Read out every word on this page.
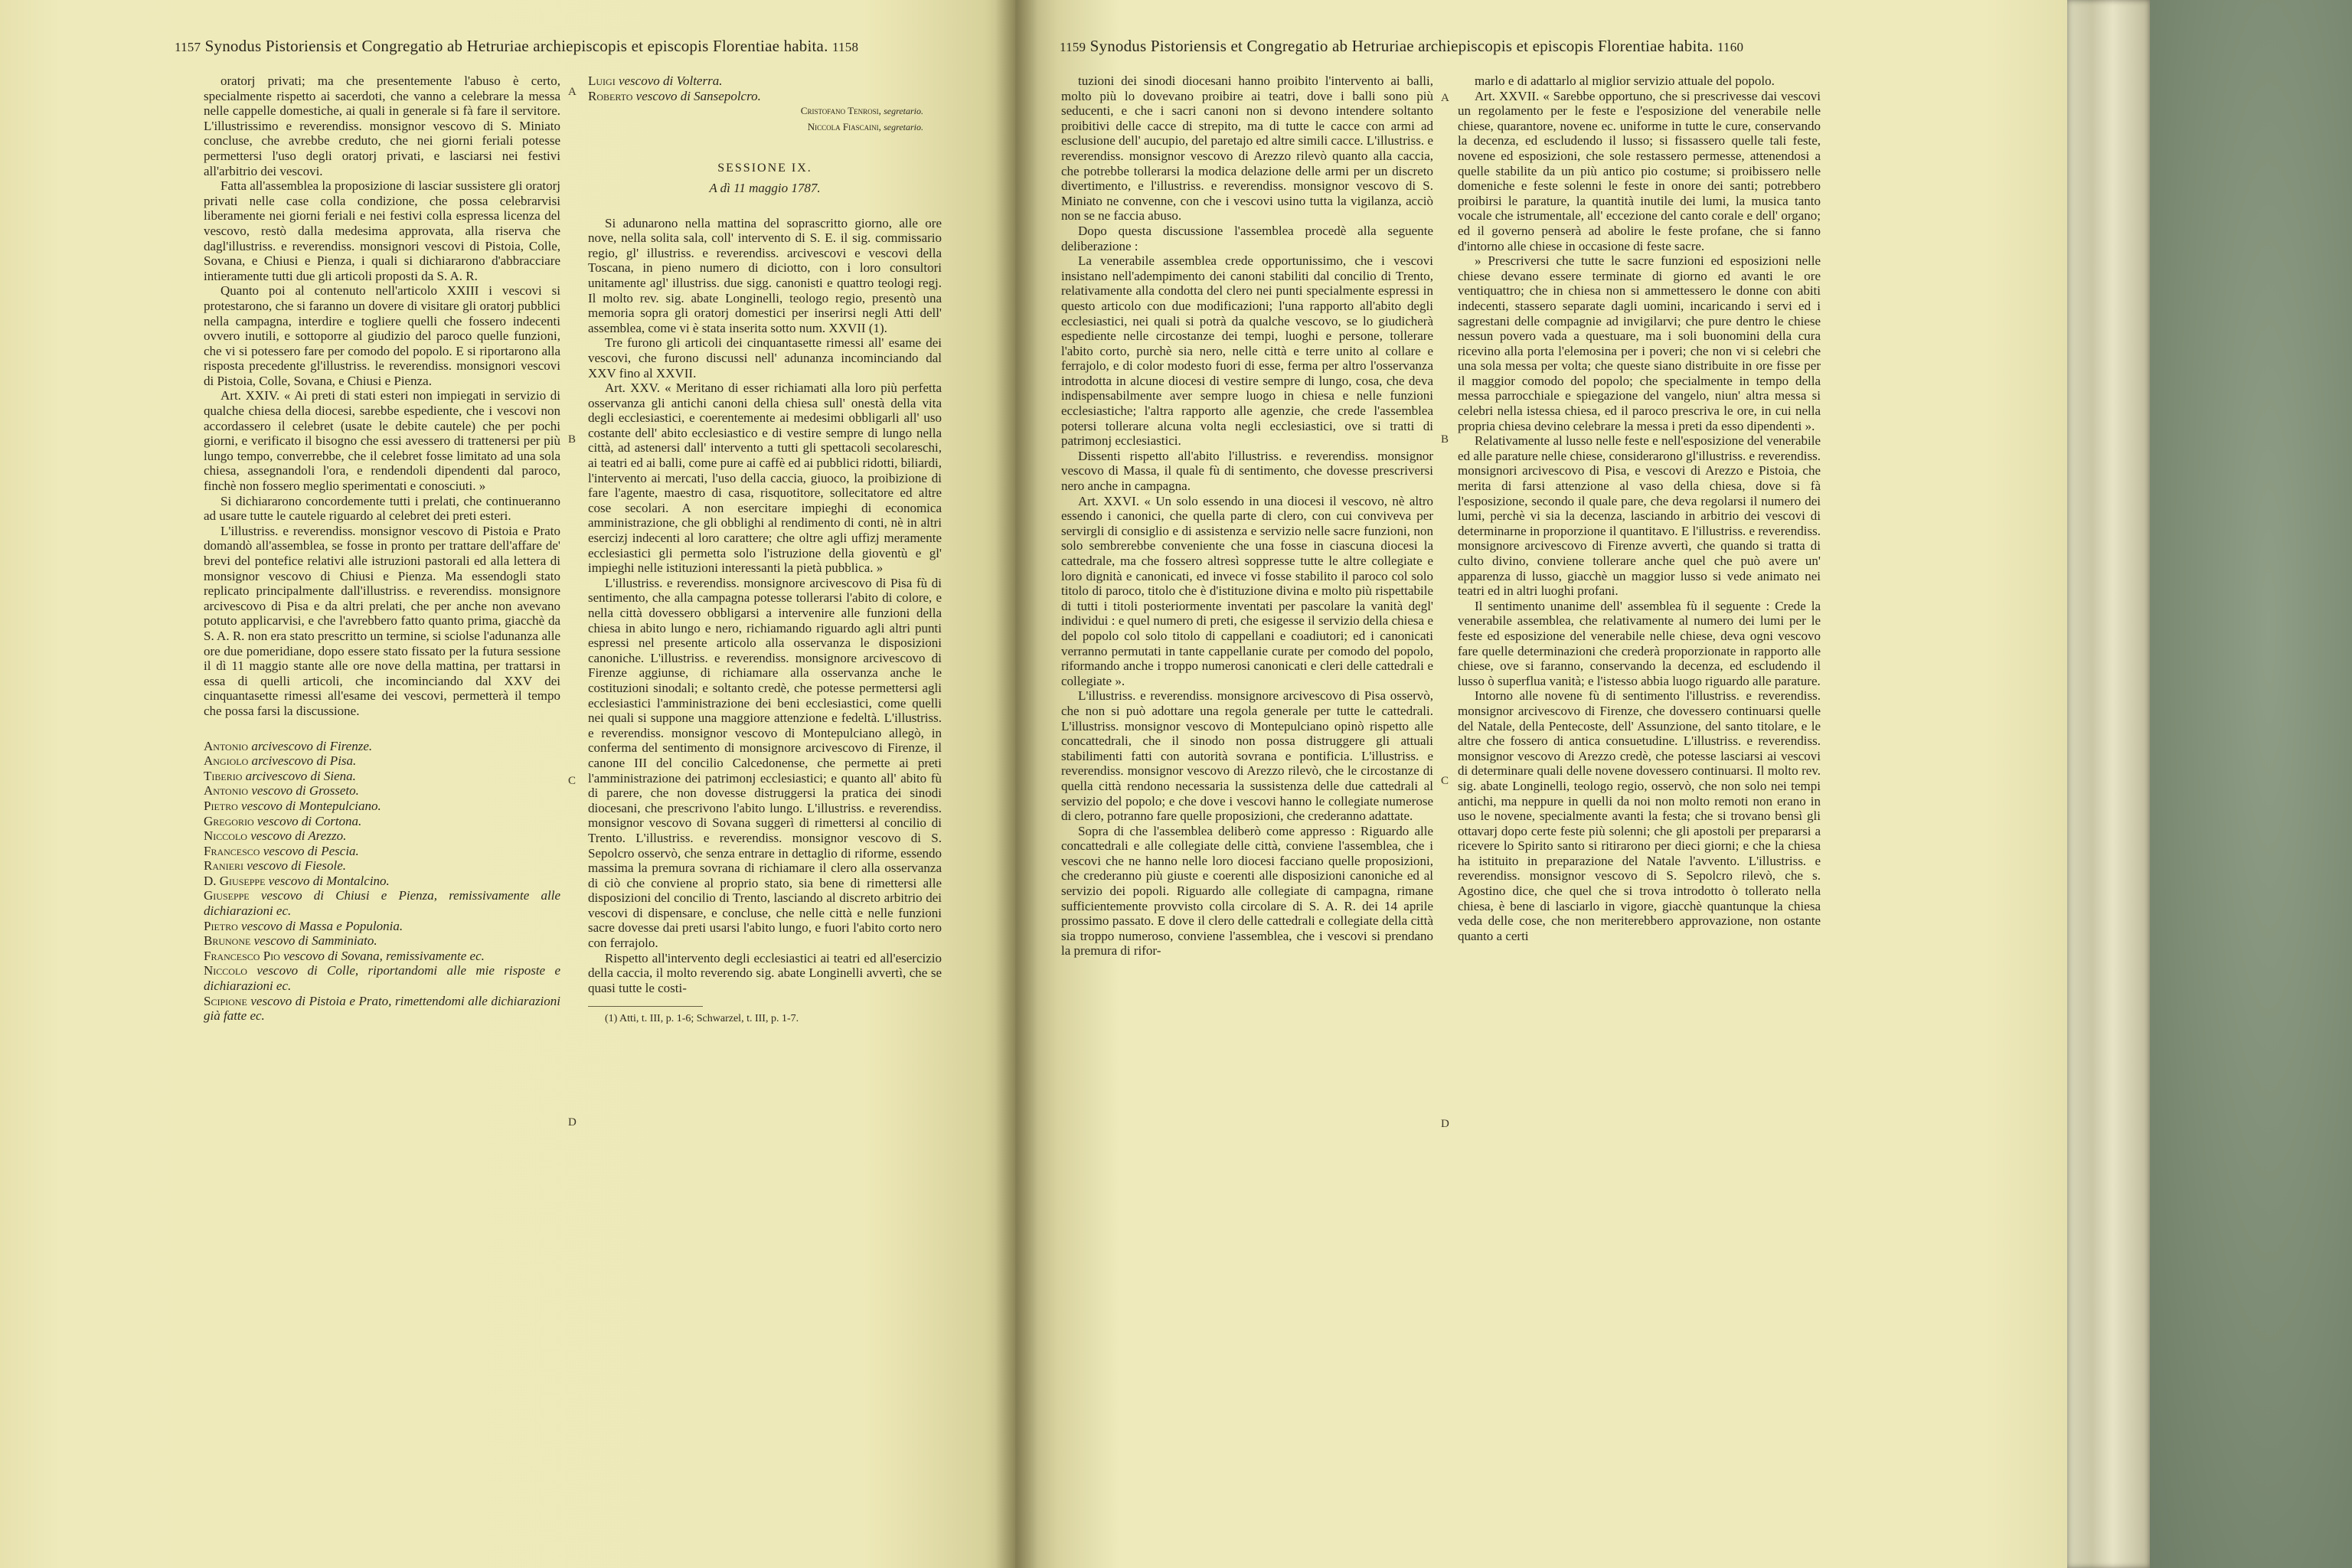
1157 Synodus Pistoriensis et Congregatio ab Hetruriae archiepiscopis et episcopis Florentiae habita. 1158

oratorj privati; ma che presentemente l'abuso è certo, specialmente rispetto ai sacerdoti, che vanno a celebrare la messa nelle cappelle domestiche, ai quali in generale si fà fare il servitore. L'illustrissimo e reverendiss. monsignor vescovo di S. Miniato concluse, che avrebbe creduto, che nei giorni feriali potesse permettersi l'uso degli oratorj privati, e lasciarsi nei festivi all'arbitrio dei vescovi.

Fatta all'assemblea la proposizione di lasciar sussistere gli oratorj privati nelle case colla condizione, che possa celebrarvisi liberamente nei giorni feriali e nei festivi colla espressa licenza del vescovo, restò dalla medesima approvata, alla riserva che dagl'illustriss. e reverendiss. monsignori vescovi di Pistoia, Colle, Sovana, e Chiusi e Pienza, i quali si dichiararono d'abbracciare intieramente tutti due gli articoli proposti da S. A. R.

Quanto poi al contenuto nell'articolo XXIII i vescovi si protestarono, che si faranno un dovere di visitare gli oratorj pubblici nella campagna, interdire e togliere quelli che fossero indecenti ovvero inutili, e sottoporre al giudizio del paroco quelle funzioni, che vi si potessero fare per comodo del popolo. E si riportarono alla risposta precedente gl'illustriss. le reverendiss. monsignori vescovi di Pistoia, Colle, Sovana, e Chiusi e Pienza.

Art. XXIV. « Ai preti di stati esteri non impiegati in servizio di qualche chiesa della diocesi, sarebbe espediente, che i vescovi non accordassero il celebret (usate le debite cautele) che per pochi giorni, e verificato il bisogno che essi avessero di trattenersi per più lungo tempo, converrebbe, che il celebret fosse limitato ad una sola chiesa, assegnandoli l'ora, e rendendoli dipendenti dal paroco, finchè non fossero meglio sperimentati e conosciuti. »

Si dichiararono concordemente tutti i prelati, che continueranno ad usare tutte le cautele riguardo al celebret dei preti esteri.

L'illustriss. e reverendiss. monsignor vescovo di Pistoia e Prato domandò all'assemblea, se fosse in pronto per trattare dell'affare de' brevi del pontefice relativi alle istruzioni pastorali ed alla lettera di monsignor vescovo di Chiusi e Pienza. Ma essendogli stato replicato principalmente dall'illustriss. e reverendiss. monsignore arcivescovo di Pisa e da altri prelati, che per anche non avevano potuto applicarvisi, e che l'avrebbero fatto quanto prima, giacchè da S. A. R. non era stato prescritto un termine, si sciolse l'adunanza alle ore due pomeridiane, dopo essere stato fissato per la futura sessione il dì 11 maggio stante alle ore nove della mattina, per trattarsi in essa di quelli articoli, che incominciando dal XXV dei cinquantasette rimessi all'esame dei vescovi, permetterà il tempo che possa farsi la discussione.

Antonio arcivescovo di Firenze.

Angiolo arcivescovo di Pisa.

Tiberio arcivescovo di Siena.

Antonio vescovo di Grosseto.

Pietro vescovo di Montepulciano.

Gregorio vescovo di Cortona.

Niccolo vescovo di Arezzo.

Francesco vescovo di Pescia.

Ranieri vescovo di Fiesole.

D. Giuseppe vescovo di Montalcino.

Giuseppe vescovo di Chiusi e Pienza, remissivamente alle dichiarazioni ec.

Pietro vescovo di Massa e Populonia.

Brunone vescovo di Samminiato.

Francesco Pio vescovo di Sovana, remissivamente ec.

Niccolo vescovo di Colle, riportandomi alle mie risposte e dichiarazioni ec.

Scipione vescovo di Pistoia e Prato, rimettendomi alle dichiarazioni già fatte ec.

Luigi vescovo di Volterra.

Roberto vescovo di Sansepolcro.

Cristofano Tenrosi, segretario.
Niccola Fiascaini, segretario.
SESSIONE IX.
A dì 11 maggio 1787.

Si adunarono nella mattina del soprascritto giorno, alle ore nove, nella solita sala, coll' intervento di S. E. il sig. commissario regio, gl' illustriss. e reverendiss. arcivescovi e vescovi della Toscana, in pieno numero di diciotto, con i loro consultori unitamente agl' illustriss. due sigg. canonisti e quattro teologi regj. Il molto rev. sig. abate Longinelli, teologo regio, presentò una memoria sopra gli oratorj domestici per inserirsi negli Atti dell' assemblea, come vi è stata inserita sotto num. XXVII (1).

Tre furono gli articoli dei cinquantasette rimessi all' esame dei vescovi, che furono discussi nell' adunanza incominciando dal XXV fino al XXVII.

Art. XXV. « Meritano di esser richiamati alla loro più perfetta osservanza gli antichi canoni della chiesa sull' onestà della vita degli ecclesiastici, e coerentemente ai medesimi obbligarli all' uso costante dell' abito ecclesiastico e di vestire sempre di lungo nella città, ad astenersi dall' intervento a tutti gli spettacoli secolareschi, ai teatri ed ai balli, come pure ai caffè ed ai pubblici ridotti, biliardi, l'intervento ai mercati, l'uso della caccia, giuoco, la proibizione di fare l'agente, maestro di casa, risquotitore, sollecitatore ed altre cose secolari. A non esercitare impieghi di economica amministrazione, che gli obblighi al rendimento di conti, nè in altri esercizj indecenti al loro carattere; che oltre agli uffizj meramente ecclesiastici gli permetta solo l'istruzione della gioventù e gl' impieghi nelle istituzioni interessanti la pietà pubblica. »

L'illustriss. e reverendiss. monsignore arcivescovo di Pisa fù di sentimento, che alla campagna potesse tollerarsi l'abito di colore, e nella città dovessero obbligarsi a intervenire alle funzioni della chiesa in abito lungo e nero, richiamando riguardo agli altri punti espressi nel presente articolo alla osservanza le disposizioni canoniche. L'illustriss. e reverendiss. monsignore arcivescovo di Firenze aggiunse, di richiamare alla osservanza anche le costituzioni sinodali; e soltanto credè, che potesse permettersi agli ecclesiastici l'amministrazione dei beni ecclesiastici, come quelli nei quali si suppone una maggiore attenzione e fedeltà. L'illustriss. e reverendiss. monsignor vescovo di Montepulciano allegò, in conferma del sentimento di monsignore arcivescovo di Firenze, il canone III del concilio Calcedonense, che permette ai preti l'amministrazione dei patrimonj ecclesiastici; e quanto all' abito fù di parere, che non dovesse distruggersi la pratica dei sinodi diocesani, che prescrivono l'abito lungo. L'illustriss. e reverendiss. monsignor vescovo di Sovana suggerì di rimettersi al concilio di Trento. L'illustriss. e reverendiss. monsignor vescovo di S. Sepolcro osservò, che senza entrare in dettaglio di riforme, essendo massima la premura sovrana di richiamare il clero alla osservanza di ciò che conviene al proprio stato, sia bene di rimettersi alle disposizioni del concilio di Trento, lasciando al discreto arbitrio dei vescovi di dispensare, e concluse, che nelle città e nelle funzioni sacre dovesse dai preti usarsi l'abito lungo, e fuori l'abito corto nero con ferrajolo.

Rispetto all'intervento degli ecclesiastici ai teatri ed all'esercizio della caccia, il molto reverendo sig. abate Longinelli avvertì, che se quasi tutte le costi-

(1) Atti, t. III, p. 1-6; Schwarzel, t. III, p. 1-7.

A
B
C
D
1159 Synodus Pistoriensis et Congregatio ab Hetruriae archiepiscopis et episcopis Florentiae habita. 1160

tuzioni dei sinodi diocesani hanno proibito l'intervento ai balli, molto più lo dovevano proibire ai teatri, dove i balli sono più seducenti, e che i sacri canoni non si devono intendere soltanto proibitivi delle cacce di strepito, ma di tutte le cacce con armi ad esclusione dell' aucupio, del paretajo ed altre simili cacce. L'illustriss. e reverendiss. monsignor vescovo di Arezzo rilevò quanto alla caccia, che potrebbe tollerarsi la modica delazione delle armi per un discreto divertimento, e l'illustriss. e reverendiss. monsignor vescovo di S. Miniato ne convenne, con che i vescovi usino tutta la vigilanza, acciò non se ne faccia abuso.

Dopo questa discussione l'assemblea procedè alla seguente deliberazione :

La venerabile assemblea crede opportunissimo, che i vescovi insistano nell'adempimento dei canoni stabiliti dal concilio di Trento, relativamente alla condotta del clero nei punti specialmente espressi in questo articolo con due modificazioni; l'una rapporto all'abito degli ecclesiastici, nei quali si potrà da qualche vescovo, se lo giudicherà espediente nelle circostanze dei tempi, luoghi e persone, tollerare l'abito corto, purchè sia nero, nelle città e terre unito al collare e ferrajolo, e di color modesto fuori di esse, ferma per altro l'osservanza introdotta in alcune diocesi di vestire sempre di lungo, cosa, che deva indispensabilmente aver sempre luogo in chiesa e nelle funzioni ecclesiastiche; l'altra rapporto alle agenzie, che crede l'assemblea potersi tollerare alcuna volta negli ecclesiastici, ove si tratti di patrimonj ecclesiastici.

Dissenti rispetto all'abito l'illustriss. e reverendiss. monsignor vescovo di Massa, il quale fù di sentimento, che dovesse prescriversi nero anche in campagna.

Art. XXVI. « Un solo essendo in una diocesi il vescovo, nè altro essendo i canonici, che quella parte di clero, con cui conviveva per servirgli di consiglio e di assistenza e servizio nelle sacre funzioni, non solo sembrerebbe conveniente che una fosse in ciascuna diocesi la cattedrale, ma che fossero altresì soppresse tutte le altre collegiate e loro dignità e canonicati, ed invece vi fosse stabilito il paroco col solo titolo di paroco, titolo che è d'istituzione divina e molto più rispettabile di tutti i titoli posteriormente inventati per pascolare la vanità degl' individui : e quel numero di preti, che esigesse il servizio della chiesa e del popolo col solo titolo di cappellani e coadiutori; ed i canonicati verranno permutati in tante cappellanie curate per comodo del popolo, riformando anche i troppo numerosi canonicati e cleri delle cattedrali e collegiate ».

L'illustriss. e reverendiss. monsignore arcivescovo di Pisa osservò, che non si può adottare una regola generale per tutte le cattedrali. L'illustriss. monsignor vescovo di Montepulciano opinò rispetto alle concattedrali, che il sinodo non possa distruggere gli attuali stabilimenti fatti con autorità sovrana e pontificia. L'illustriss. e reverendiss. monsignor vescovo di Arezzo rilevò, che le circostanze di quella città rendono necessaria la sussistenza delle due cattedrali al servizio del popolo; e che dove i vescovi hanno le collegiate numerose di clero, potranno fare quelle proposizioni, che crederanno adattate.

Sopra di che l'assemblea deliberò come appresso : Riguardo alle concattedrali e alle collegiate delle città, conviene l'assemblea, che i vescovi che ne hanno nelle loro diocesi facciano quelle proposizioni, che crederanno più giuste e coerenti alle disposizioni canoniche ed al servizio dei popoli. Riguardo alle collegiate di campagna, rimane sufficientemente provvisto colla circolare di S. A. R. dei 14 aprile prossimo passato. E dove il clero delle cattedrali e collegiate della città sia troppo numeroso, conviene l'assemblea, che i vescovi si prendano la premura di rifor-

marlo e di adattarlo al miglior servizio attuale del popolo.

Art. XXVII. « Sarebbe opportuno, che si prescrivesse dai vescovi un regolamento per le feste e l'esposizione del venerabile nelle chiese, quarantore, novene ec. uniforme in tutte le cure, conservando la decenza, ed escludendo il lusso; si fissassero quelle tali feste, novene ed esposizioni, che sole restassero permesse, attenendosi a quelle stabilite da un più antico pio costume; si proibissero nelle domeniche e feste solenni le feste in onore dei santi; potrebbero proibirsi le parature, la quantità inutile dei lumi, la musica tanto vocale che istrumentale, all' eccezione del canto corale e dell' organo; ed il governo penserà ad abolire le feste profane, che si fanno d'intorno alle chiese in occasione di feste sacre.

» Prescriversi che tutte le sacre funzioni ed esposizioni nelle chiese devano essere terminate di giorno ed avanti le ore ventiquattro; che in chiesa non si ammettessero le donne con abiti indecenti, stassero separate dagli uomini, incaricando i servi ed i sagrestani delle compagnie ad invigilarvi; che pure dentro le chiese nessun povero vada a questuare, ma i soli buonomini della cura ricevino alla porta l'elemosina per i poveri; che non vi si celebri che una sola messa per volta; che queste siano distribuite in ore fisse per il maggior comodo del popolo; che specialmente in tempo della messa parrocchiale e spiegazione del vangelo, niun' altra messa si celebri nella istessa chiesa, ed il paroco prescriva le ore, in cui nella propria chiesa devino celebrare la messa i preti da esso dipendenti ».

Relativamente al lusso nelle feste e nell'esposizione del venerabile ed alle parature nelle chiese, considerarono gl'illustriss. e reverendiss. monsignori arcivescovo di Pisa, e vescovi di Arezzo e Pistoia, che merita di farsi attenzione al vaso della chiesa, dove si fà l'esposizione, secondo il quale pare, che deva regolarsi il numero dei lumi, perchè vi sia la decenza, lasciando in arbitrio dei vescovi di determinarne in proporzione il quantitavo. E l'illustriss. e reverendiss. monsignore arcivescovo di Firenze avvertì, che quando si tratta di culto divino, conviene tollerare anche quel che può avere un' apparenza di lusso, giacchè un maggior lusso si vede animato nei teatri ed in altri luoghi profani.

Il sentimento unanime dell' assemblea fù il seguente : Crede la venerabile assemblea, che relativamente al numero dei lumi per le feste ed esposizione del venerabile nelle chiese, deva ogni vescovo fare quelle determinazioni che crederà proporzionate in rapporto alle chiese, ove si faranno, conservando la decenza, ed escludendo il lusso ò superflua vanità; e l'istesso abbia luogo riguardo alle parature.

Intorno alle novene fù di sentimento l'illustriss. e reverendiss. monsignor arcivescovo di Firenze, che dovessero continuarsi quelle del Natale, della Pentecoste, dell' Assunzione, del santo titolare, e le altre che fossero di antica consuetudine. L'illustriss. e reverendiss. monsignor vescovo di Arezzo credè, che potesse lasciarsi ai vescovi di determinare quali delle novene dovessero continuarsi. Il molto rev. sig. abate Longinelli, teologo regio, osservò, che non solo nei tempi antichi, ma neppure in quelli da noi non molto remoti non erano in uso le novene, specialmente avanti la festa; che si trovano bensì gli ottavarj dopo certe feste più solenni; che gli apostoli per prepararsi a ricevere lo Spirito santo si ritirarono per dieci giorni; e che la chiesa ha istituito in preparazione del Natale l'avvento. L'illustriss. e reverendiss. monsignor vescovo di S. Sepolcro rilevò, che s. Agostino dice, che quel che si trova introdotto ò tollerato nella chiesa, è bene di lasciarlo in vigore, giacchè quantunque la chiesa veda delle cose, che non meriterebbero approvazione, non ostante quanto a certi

A
B
C
D
